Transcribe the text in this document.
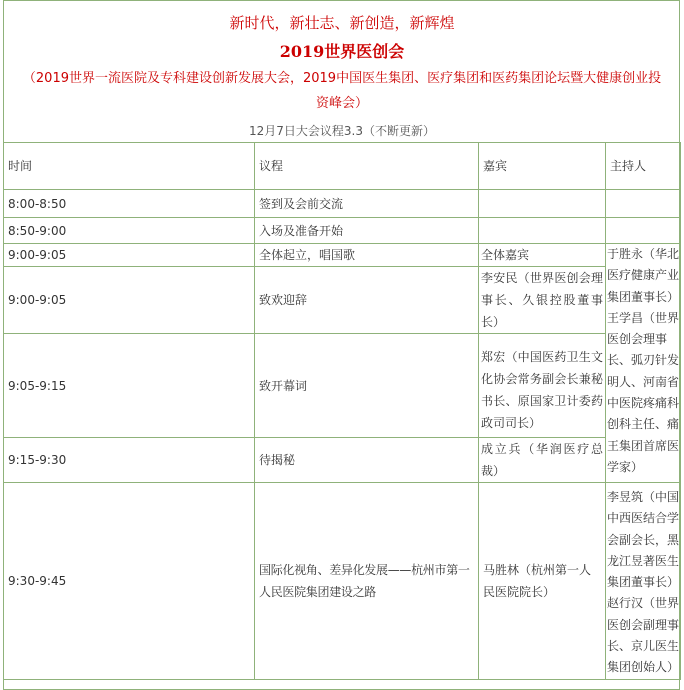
新时代，新壮志、新创造，新辉煌
2019世界医创会
（2019世界一流医院及专科建设创新发展大会，2019中国医生集团、医疗集团和医药集团论坛暨大健康创业投资峰会）
12月7日大会议程3.3（不断更新）
时间	议程	嘉宾	主持人
8:00-8:50	签到及会前交流		
8:50-9:00	入场及准备开始		
9:00-9:05	全体起立，唱国歌	全体嘉宾	于胜永（华北医疗健康产业集团董事长）王学昌（世界医创会理事长、弧刃针发明人、河南省中医院疼痛科创科主任、痛王集团首席医学家）
9:00-9:05	致欢迎辞	李安民（世界医创会理事长、久银控股董事长）	
9:05-9:15	致开幕词	郑宏（中国医药卫生文化协会常务副会长兼秘书长、原国家卫计委药政司司长）	
9:15-9:30	待揭秘	成立兵（华润医疗总裁）	
9:30-9:45	国际化视角、差异化发展——杭州市第一人民医院集团建设之路	马胜林（杭州第一人民医院院长）	李昱筑（中国中西医结合学会副会长，黑龙江昱著医生集团董事长）赵行汉（世界医创会副理事长、京儿医生集团创始人）
